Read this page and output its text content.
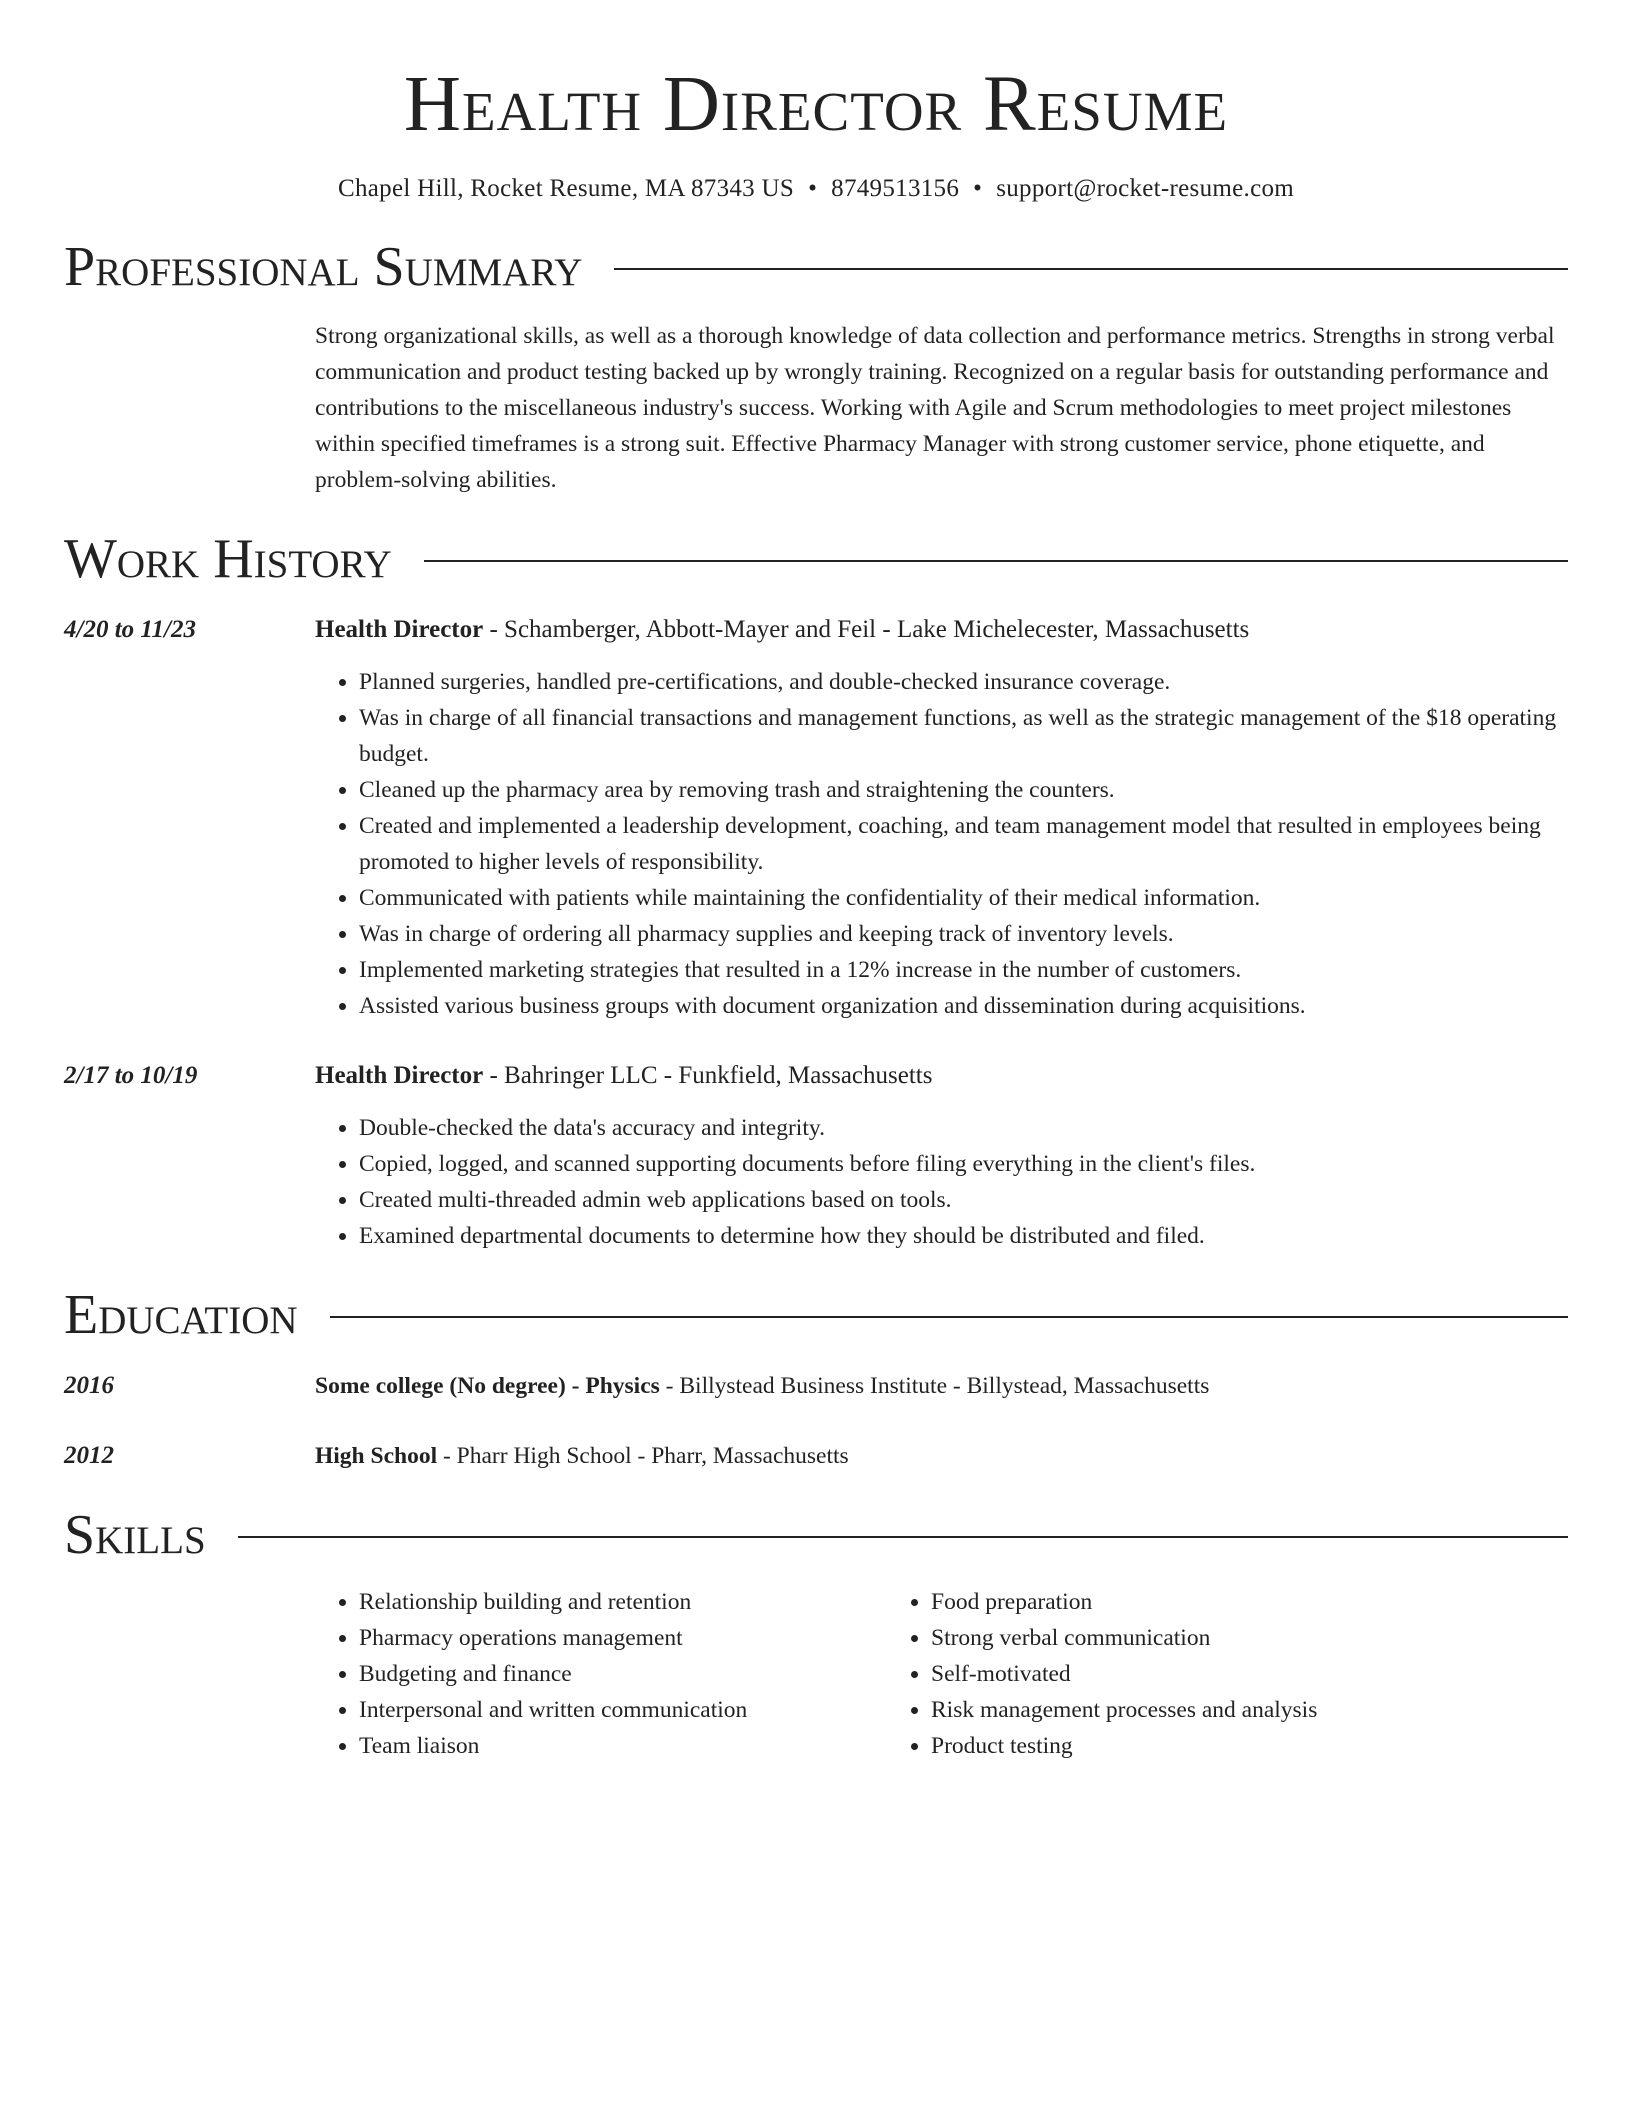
Health Director Resume
Chapel Hill, Rocket Resume, MA 87343 US • 8749513156 • support@rocket-resume.com
Professional Summary
Strong organizational skills, as well as a thorough knowledge of data collection and performance metrics. Strengths in strong verbal communication and product testing backed up by wrongly training. Recognized on a regular basis for outstanding performance and contributions to the miscellaneous industry's success. Working with Agile and Scrum methodologies to meet project milestones within specified timeframes is a strong suit. Effective Pharmacy Manager with strong customer service, phone etiquette, and problem-solving abilities.
Work History
4/20 to 11/23	Health Director - Schamberger, Abbott-Mayer and Feil - Lake Michelecester, Massachusetts
• Planned surgeries, handled pre-certifications, and double-checked insurance coverage.
• Was in charge of all financial transactions and management functions, as well as the strategic management of the $18 operating budget.
• Cleaned up the pharmacy area by removing trash and straightening the counters.
• Created and implemented a leadership development, coaching, and team management model that resulted in employees being promoted to higher levels of responsibility.
• Communicated with patients while maintaining the confidentiality of their medical information.
• Was in charge of ordering all pharmacy supplies and keeping track of inventory levels.
• Implemented marketing strategies that resulted in a 12% increase in the number of customers.
• Assisted various business groups with document organization and dissemination during acquisitions.
2/17 to 10/19	Health Director - Bahringer LLC - Funkfield, Massachusetts
• Double-checked the data's accuracy and integrity.
• Copied, logged, and scanned supporting documents before filing everything in the client's files.
• Created multi-threaded admin web applications based on tools.
• Examined departmental documents to determine how they should be distributed and filed.
Education
2016	Some college (No degree) - Physics - Billystead Business Institute - Billystead, Massachusetts
2012	High School - Pharr High School - Pharr, Massachusetts
Skills
• Relationship building and retention
• Pharmacy operations management
• Budgeting and finance
• Interpersonal and written communication
• Team liaison
• Food preparation
• Strong verbal communication
• Self-motivated
• Risk management processes and analysis
• Product testing
